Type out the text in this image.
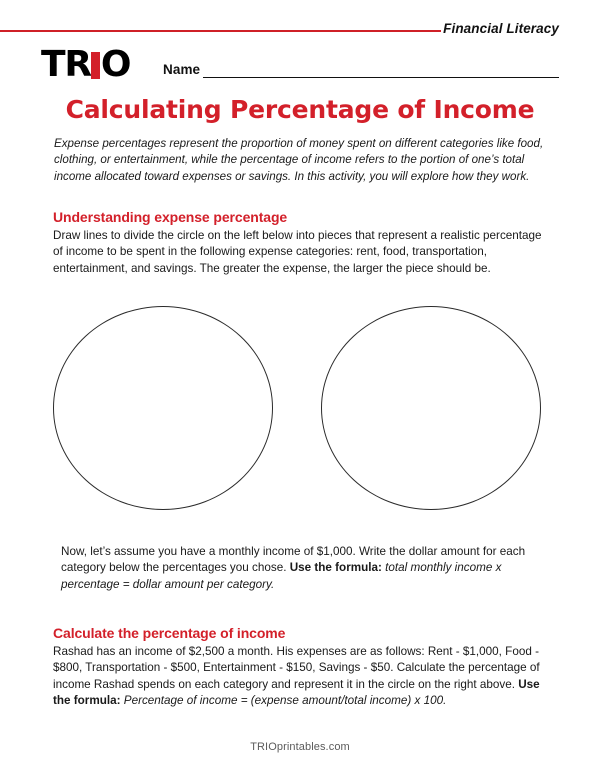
Financial Literacy
TR O Name
Calculating Percentage of Income
Expense percentages represent the proportion of money spent on different categories like food, clothing, or entertainment, while the percentage of income refers to the portion of one’s total income allocated toward expenses or savings. In this activity, you will explore how they work.
Understanding expense percentage
Draw lines to divide the circle on the left below into pieces that represent a realistic percentage of income to be spent in the following expense categories: rent, food, transportation, entertainment, and savings. The greater the expense, the larger the piece should be.
Now, let’s assume you have a monthly income of $1,000. Write the dollar amount for each category below the percentages you chose. Use the formula: total monthly income x percentage = dollar amount per category.
Calculate the percentage of income
Rashad has an income of $2,500 a month. His expenses are as follows: Rent - $1,000, Food - $800, Transportation - $500, Entertainment - $150, Savings - $50. Calculate the percentage of income Rashad spends on each category and represent it in the circle on the right above. Use the formula: Percentage of income = (expense amount/total income) x 100.
TRIOprintables.com
